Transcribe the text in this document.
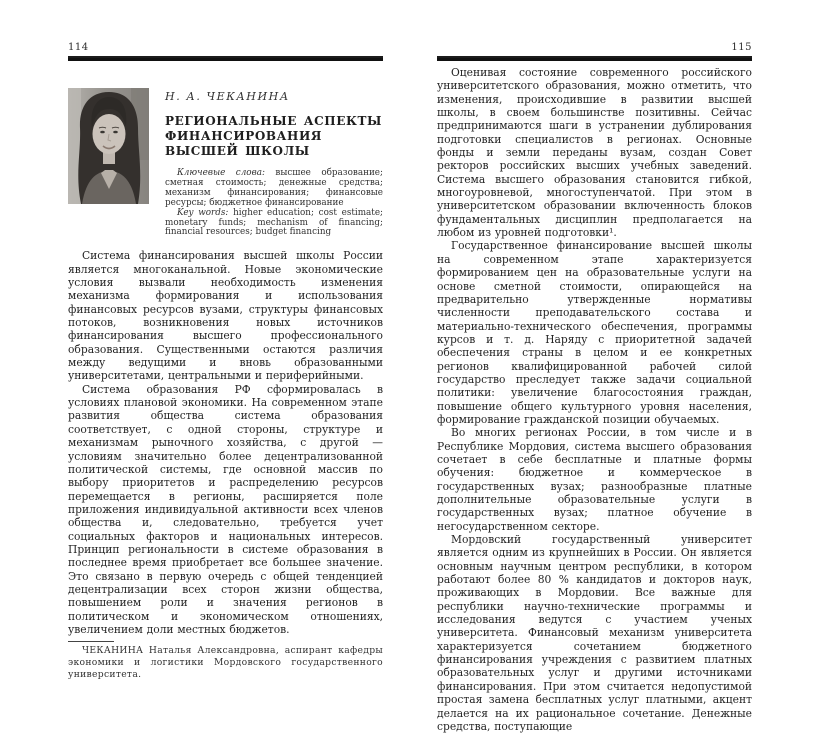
114
Н. А. ЧЕКАНИНА
РЕГИОНАЛЬНЫЕ АСПЕКТЫ
ФИНАНСИРОВАНИЯ
ВЫСШЕЙ ШКОЛЫ
Ключевые слова: высшее образование; сметная стоимость; денежные средства; механизм финансирования; финансовые ресурсы; бюджетное финансирование
Key words: higher education; cost estimate; monetary funds; mechanism of financing; financial resources; budget financing

Система финансирования высшей школы России является многоканальной. Новые экономические условия вызвали необходимость изменения механизма формирования и использования финансовых ресурсов вузами, структуры финансовых потоков, возникновения новых источников финансирования высшего профессионального образования. Существенными остаются различия между ведущими и вновь образованными университетами, центральными и периферийными.

Система образования РФ сформировалась в условиях плановой экономики. На современном этапе развития общества система образования соответствует, с одной стороны, структуре и механизмам рыночного хозяйства, с другой — условиям значительно более децентрализованной политической системы, где основной массив по выбору приоритетов и распределению ресурсов перемещается в регионы, расширяется поле приложения индивидуальной активности всех членов общества и, следовательно, требуется учет социальных факторов и национальных интересов. Принцип региональности в системе образования в последнее время приобретает все большее значение. Это связано в первую очередь с общей тенденцией децентрализации всех сторон жизни общества, повышением роли и значения регионов в политическом и экономическом отношениях, увеличением доли местных бюджетов.

ЧЕКАНИНА Наталья Александровна, аспирант кафедры экономики и логистики Мордовского государственного университета.
115

Оценивая состояние современного российского университетского образования, можно отметить, что изменения, происходившие в развитии высшей школы, в своем большинстве позитивны. Сейчас предпринимаются шаги в устранении дублирования подготовки специалистов в регионах. Основные фонды и земли переданы вузам, создан Совет ректоров российских высших учебных заведений. Система высшего образования становится гибкой, многоуровневой, многоступенчатой. При этом в университетском образовании включенность блоков фундаментальных дисциплин предполагается на любом из уровней подготовки¹.

Государственное финансирование высшей школы на современном этапе характеризуется формированием цен на образовательные услуги на основе сметной стоимости, опирающейся на предварительно утвержденные нормативы численности преподавательского состава и материально-технического обеспечения, программы курсов и т. д. Наряду с приоритетной задачей обеспечения страны в целом и ее конкретных регионов квалифицированной рабочей силой государство преследует также задачи социальной политики: увеличение благосостояния граждан, повышение общего культурного уровня населения, формирование гражданской позиции обучаемых.

Во многих регионах России, в том числе и в Республике Мордовия, система высшего образования сочетает в себе бесплатные и платные формы обучения: бюджетное и коммерческое в государственных вузах; разнообразные платные дополнительные образовательные услуги в государственных вузах; платное обучение в негосударственном секторе.

Мордовский государственный университет является одним из крупнейших в России. Он является основным научным центром республики, в котором работают более 80 % кандидатов и докторов наук, проживающих в Мордовии. Все важные для республики научно-технические программы и исследования ведутся с участием ученых университета. Финансовый механизм университета характеризуется сочетанием бюджетного финансирования учреждения с развитием платных образовательных услуг и другими источниками финансирования. При этом считается недопустимой простая замена бесплатных услуг платными, акцент делается на их рациональное сочетание. Денежные средства, поступающие
